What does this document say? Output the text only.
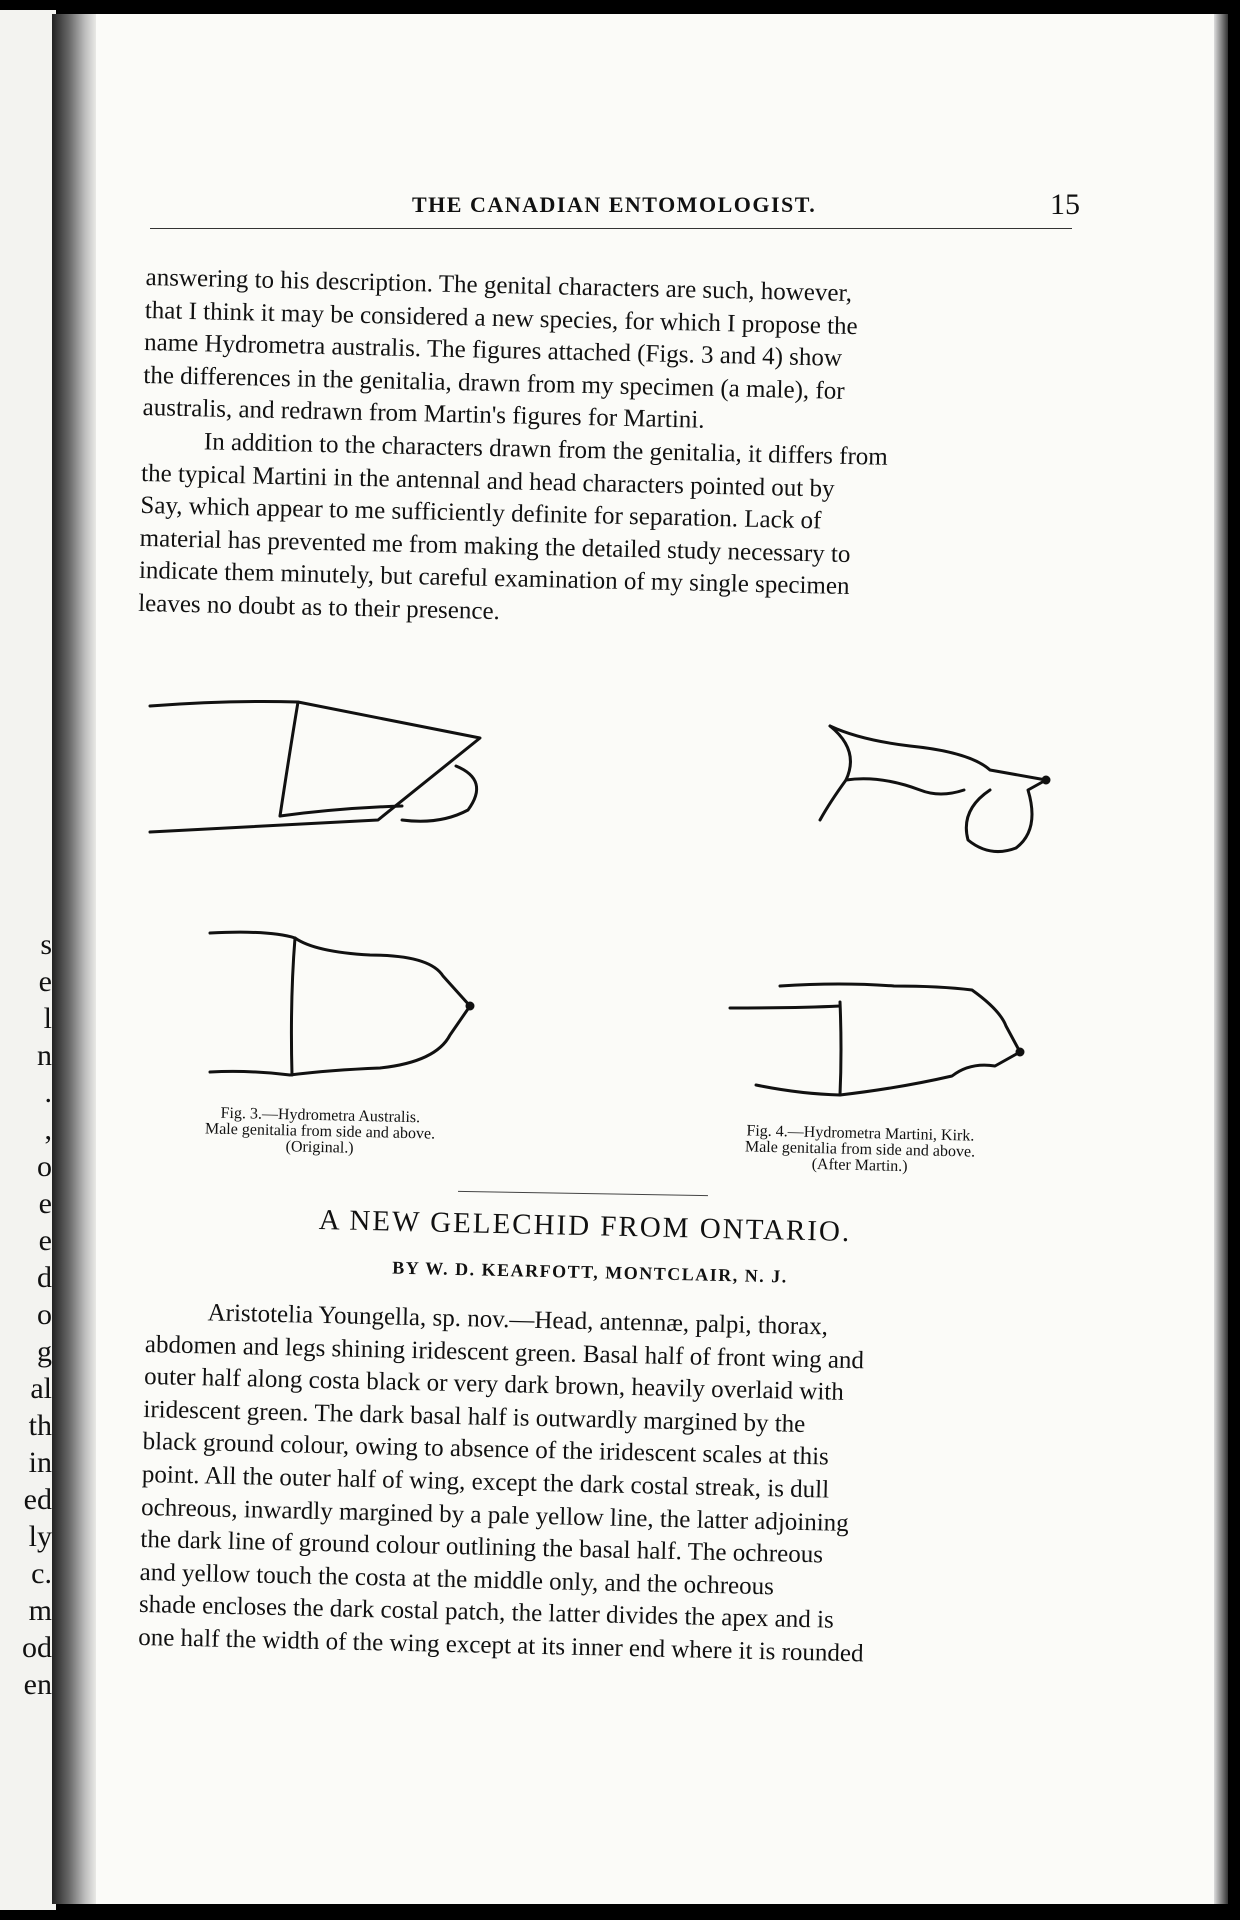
s
e
l
n
.
,
o
e
e
d
o
g
al
th
in
ed
ly
c.
m
od
en
THE CANADIAN ENTOMOLOGIST.	15

answering to his description. The genital characters are such, however,

that I think it may be considered a new species, for which I propose the

name Hydrometra australis. The figures attached (Figs. 3 and 4) show

the differences in the genitalia, drawn from my specimen (a male), for

australis, and redrawn from Martin's figures for Martini.

In addition to the characters drawn from the genitalia, it differs from

the typical Martini in the antennal and head characters pointed out by

Say, which appear to me sufficiently definite for separation. Lack of

material has prevented me from making the detailed study necessary to

indicate them minutely, but careful examination of my single specimen

leaves no doubt as to their presence.

Fig. 3.—Hydrometra Australis.
Male genitalia from side and above.
(Original.)
Fig. 4.—Hydrometra Martini, Kirk.
Male genitalia from side and above.
(After Martin.)
A NEW GELECHID FROM ONTARIO.
BY W. D. KEARFOTT, MONTCLAIR, N. J.

Aristotelia Youngella, sp. nov.—Head, antennæ, palpi, thorax,

abdomen and legs shining iridescent green. Basal half of front wing and

outer half along costa black or very dark brown, heavily overlaid with

iridescent green. The dark basal half is outwardly margined by the

black ground colour, owing to absence of the iridescent scales at this

point. All the outer half of wing, except the dark costal streak, is dull

ochreous, inwardly margined by a pale yellow line, the latter adjoining

the dark line of ground colour outlining the basal half. The ochreous

and yellow touch the costa at the middle only, and the ochreous

shade encloses the dark costal patch, the latter divides the apex and is

one half the width of the wing except at its inner end where it is rounded
